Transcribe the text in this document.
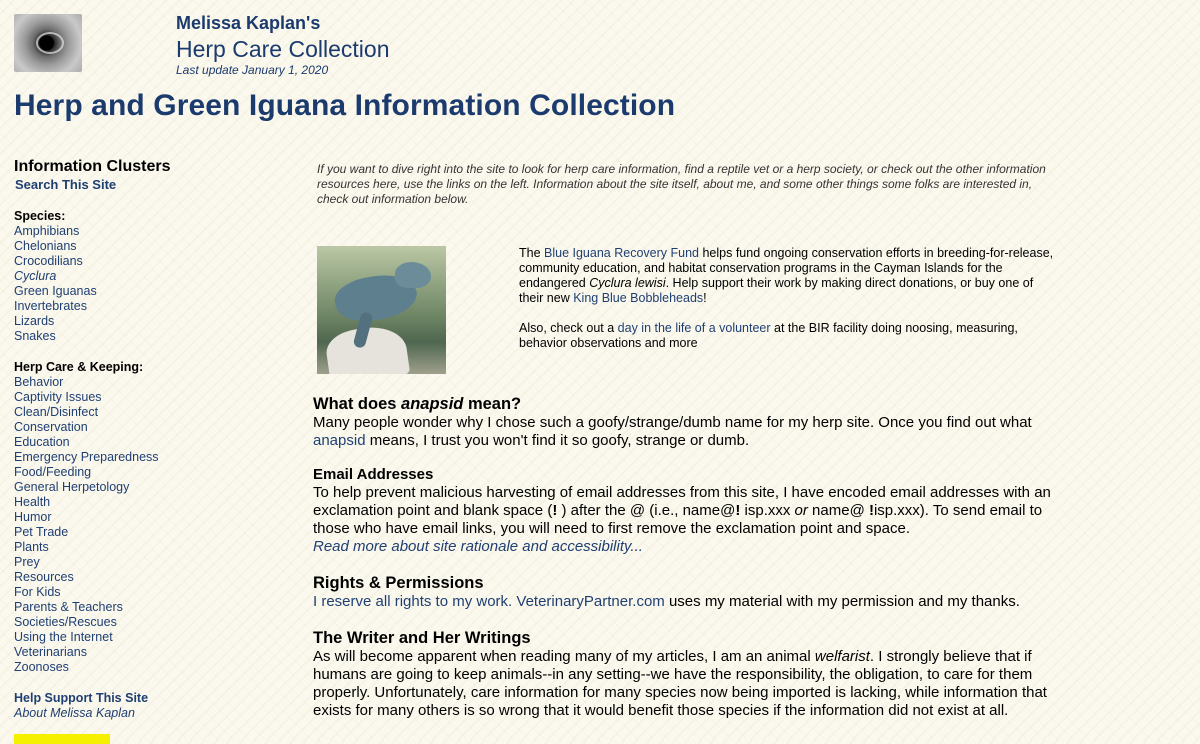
Melissa Kaplan's
Herp Care Collection
Last update January 1, 2020
Herp and Green Iguana Information Collection
Information Clusters
Search This Site
Species:
Amphibians
Chelonians
Crocodilians
Cyclura
Green Iguanas
Invertebrates
Lizards
Snakes
Herp Care & Keeping:
Behavior
Captivity Issues
Clean/Disinfect
Conservation
Education
Emergency Preparedness
Food/Feeding
General Herpetology
Health
Humor
Pet Trade
Plants
Prey
Resources
For Kids
Parents & Teachers
Societies/Rescues
Using the Internet
Veterinarians
Zoonoses
Help Support This Site
About Melissa Kaplan
If you want to dive right into the site to look for herp care information, find a reptile vet or a herp society, or check out the other information resources here, use the links on the left. Information about the site itself, about me, and some other things some folks are interested in, check out information below.

The Blue Iguana Recovery Fund helps fund ongoing conservation efforts in breeding-for-release, community education, and habitat conservation programs in the Cayman Islands for the endangered Cyclura lewisi. Help support their work by making direct donations, or buy one of their new King Blue Bobbleheads!

Also, check out a day in the life of a volunteer at the BIR facility doing noosing, measuring, behavior observations and more

What does anapsid mean?

Many people wonder why I chose such a goofy/strange/dumb name for my herp site. Once you find out what anapsid means, I trust you won't find it so goofy, strange or dumb.

Email Addresses

To help prevent malicious harvesting of email addresses from this site, I have encoded email addresses with an exclamation point and blank space (! ) after the @ (i.e., name@! isp.xxx or name@ !isp.xxx). To send email to those who have email links, you will need to first remove the exclamation point and space.
Read more about site rationale and accessibility...

Rights & Permissions

I reserve all rights to my work. VeterinaryPartner.com uses my material with my permission and my thanks.

The Writer and Her Writings

As will become apparent when reading many of my articles, I am an animal welfarist. I strongly believe that if humans are going to keep animals--in any setting--we have the responsibility, the obligation, to care for them properly. Unfortunately, care information for many species now being imported is lacking, while information that exists for many others is so wrong that it would benefit those species if the information did not exist at all.
